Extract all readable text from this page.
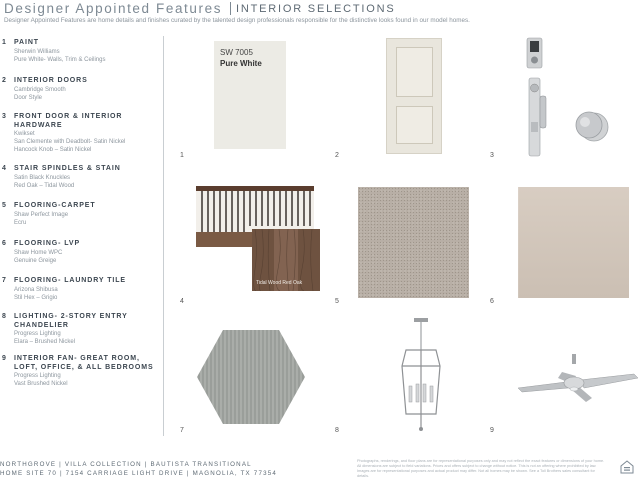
Designer Appointed Features INTERIOR SELECTIONS
Designer Appointed Features are home details and finishes curated by the talented design professionals responsible for the distinctive looks found in our model homes.
1 PAINT
Sherwin Williams
Pure White- Walls, Trim & Ceilings
2 INTERIOR DOORS
Cambridge Smooth
Door Style
3 FRONT DOOR & INTERIOR HARDWARE
Kwikset
San Clemente with Deadbolt- Satin Nickel
Hancock Knob – Satin Nickel
4 STAIR SPINDLES & STAIN
Satin Black Knuckles
Red Oak – Tidal Wood
5 FLOORING-CARPET
Shaw Perfect Image
Ecru
6 FLOORING- LVP
Shaw Home WPC
Genuine Greige
7 FLOORING- LAUNDRY TILE
Arizona Shibusa
Stil Hex – Grigio
8 LIGHTING- 2-STORY ENTRY CHANDELIER
Progress Lighting
Elara – Brushed Nickel
9 INTERIOR FAN- GREAT ROOM, LOFT, OFFICE, & ALL BEDROOMS
Progress Lighting
Vast Brushed Nickel
SW 7005
Pure White
Tidal Wood Red Oak
1	2	3
4	5	6
7	8	9
NORTHGROVE | VILLA COLLECTION | BAUTISTA TRANSITIONAL
HOME SITE 70 | 7154 CARRIAGE LIGHT DRIVE | MAGNOLIA, TX 77354
Photographs, renderings, and floor plans are for representational purposes only and may not reflect the exact features or dimensions of your home. All dimensions are subject to field variations. Prices and offers subject to change without notice. This is not an offering where prohibited by law. Images are for representational purposes and actual product may differ. Not all homes may be shown. See a Toll Brothers sales consultant for details.
